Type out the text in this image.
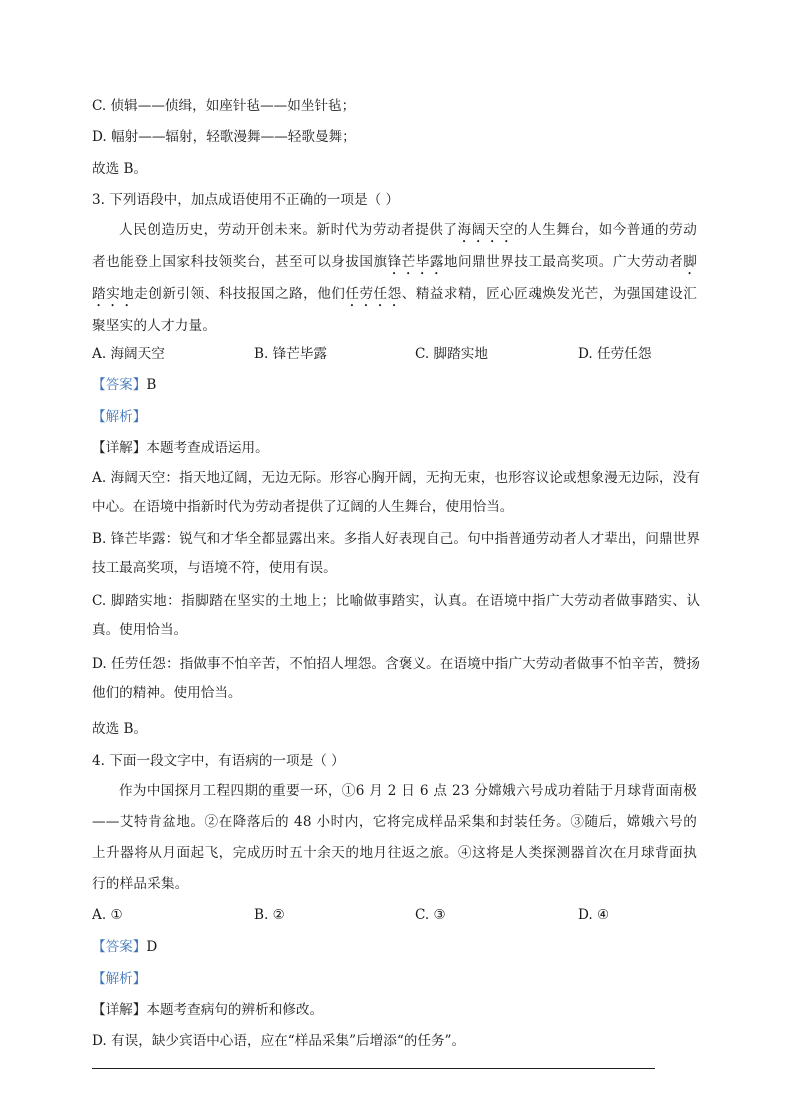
C. 侦辑——侦缉，如座针毡——如坐针毡；
D. 幅射——辐射，轻歌漫舞——轻歌曼舞；
故选 B。
3. 下列语段中，加点成语使用不正确的一项是（ ）
人民创造历史，劳动开创未来。新时代为劳动者提供了海阔天空的人生舞台，如今普通的劳动者也能登上国家科技领奖台，甚至可以身拔国旗锋芒毕露地问鼎世界技工最高奖项。广大劳动者脚踏实地走创新引领、科技报国之路，他们任劳任怨、精益求精，匠心匠魂焕发光芒，为强国建设汇聚坚实的人才力量。
A. 海阔天空	B. 锋芒毕露	C. 脚踏实地	D. 任劳任怨
【答案】B
【解析】
【详解】本题考查成语运用。
A. 海阔天空：指天地辽阔，无边无际。形容心胸开阔，无拘无束，也形容议论或想象漫无边际，没有中心。在语境中指新时代为劳动者提供了辽阔的人生舞台，使用恰当。
B. 锋芒毕露：锐气和才华全都显露出来。多指人好表现自己。句中指普通劳动者人才辈出，问鼎世界技工最高奖项，与语境不符，使用有误。
C. 脚踏实地：指脚踏在坚实的土地上；比喻做事踏实，认真。在语境中指广大劳动者做事踏实、认真。使用恰当。
D. 任劳任怨：指做事不怕辛苦，不怕招人埋怨。含褒义。在语境中指广大劳动者做事不怕辛苦，赞扬他们的精神。使用恰当。
故选 B。
4. 下面一段文字中，有语病的一项是（ ）
作为中国探月工程四期的重要一环，①6 月 2 日 6 点 23 分嫦娥六号成功着陆于月球背面南极——艾特肯盆地。②在降落后的 48 小时内，它将完成样品采集和封装任务。③随后，嫦娥六号的上升器将从月面起飞，完成历时五十余天的地月往返之旅。④这将是人类探测器首次在月球背面执行的样品采集。
A. ①	B. ②	C. ③	D. ④
【答案】D
【解析】
【详解】本题考查病句的辨析和修改。
D. 有误，缺少宾语中心语，应在“样品采集”后增添“的任务”。
